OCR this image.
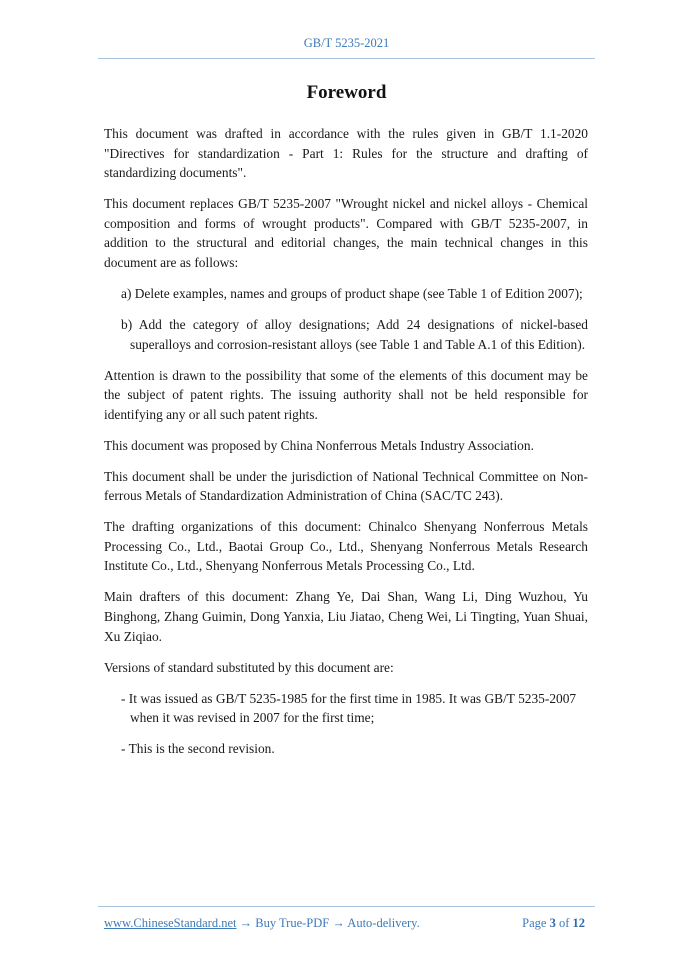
GB/T 5235-2021
Foreword

This document was drafted in accordance with the rules given in GB/T 1.1-2020 "Directives for standardization - Part 1: Rules for the structure and drafting of standardizing documents".

This document replaces GB/T 5235-2007 "Wrought nickel and nickel alloys - Chemical composition and forms of wrought products". Compared with GB/T 5235-2007, in addition to the structural and editorial changes, the main technical changes in this document are as follows:

a) Delete examples, names and groups of product shape (see Table 1 of Edition 2007);

b) Add the category of alloy designations; Add 24 designations of nickel-based superalloys and corrosion-resistant alloys (see Table 1 and Table A.1 of this Edition).

Attention is drawn to the possibility that some of the elements of this document may be the subject of patent rights. The issuing authority shall not be held responsible for identifying any or all such patent rights.

This document was proposed by China Nonferrous Metals Industry Association.

This document shall be under the jurisdiction of National Technical Committee on Non-ferrous Metals of Standardization Administration of China (SAC/TC 243).

The drafting organizations of this document: Chinalco Shenyang Nonferrous Metals Processing Co., Ltd., Baotai Group Co., Ltd., Shenyang Nonferrous Metals Research Institute Co., Ltd., Shenyang Nonferrous Metals Processing Co., Ltd.

Main drafters of this document: Zhang Ye, Dai Shan, Wang Li, Ding Wuzhou, Yu Binghong, Zhang Guimin, Dong Yanxia, Liu Jiatao, Cheng Wei, Li Tingting, Yuan Shuai, Xu Ziqiao.

Versions of standard substituted by this document are:

- It was issued as GB/T 5235-1985 for the first time in 1985. It was GB/T 5235-2007 when it was revised in 2007 for the first time;

- This is the second revision.

www.ChineseStandard.net → Buy True-PDF → Auto-delivery.	Page 3 of 12
